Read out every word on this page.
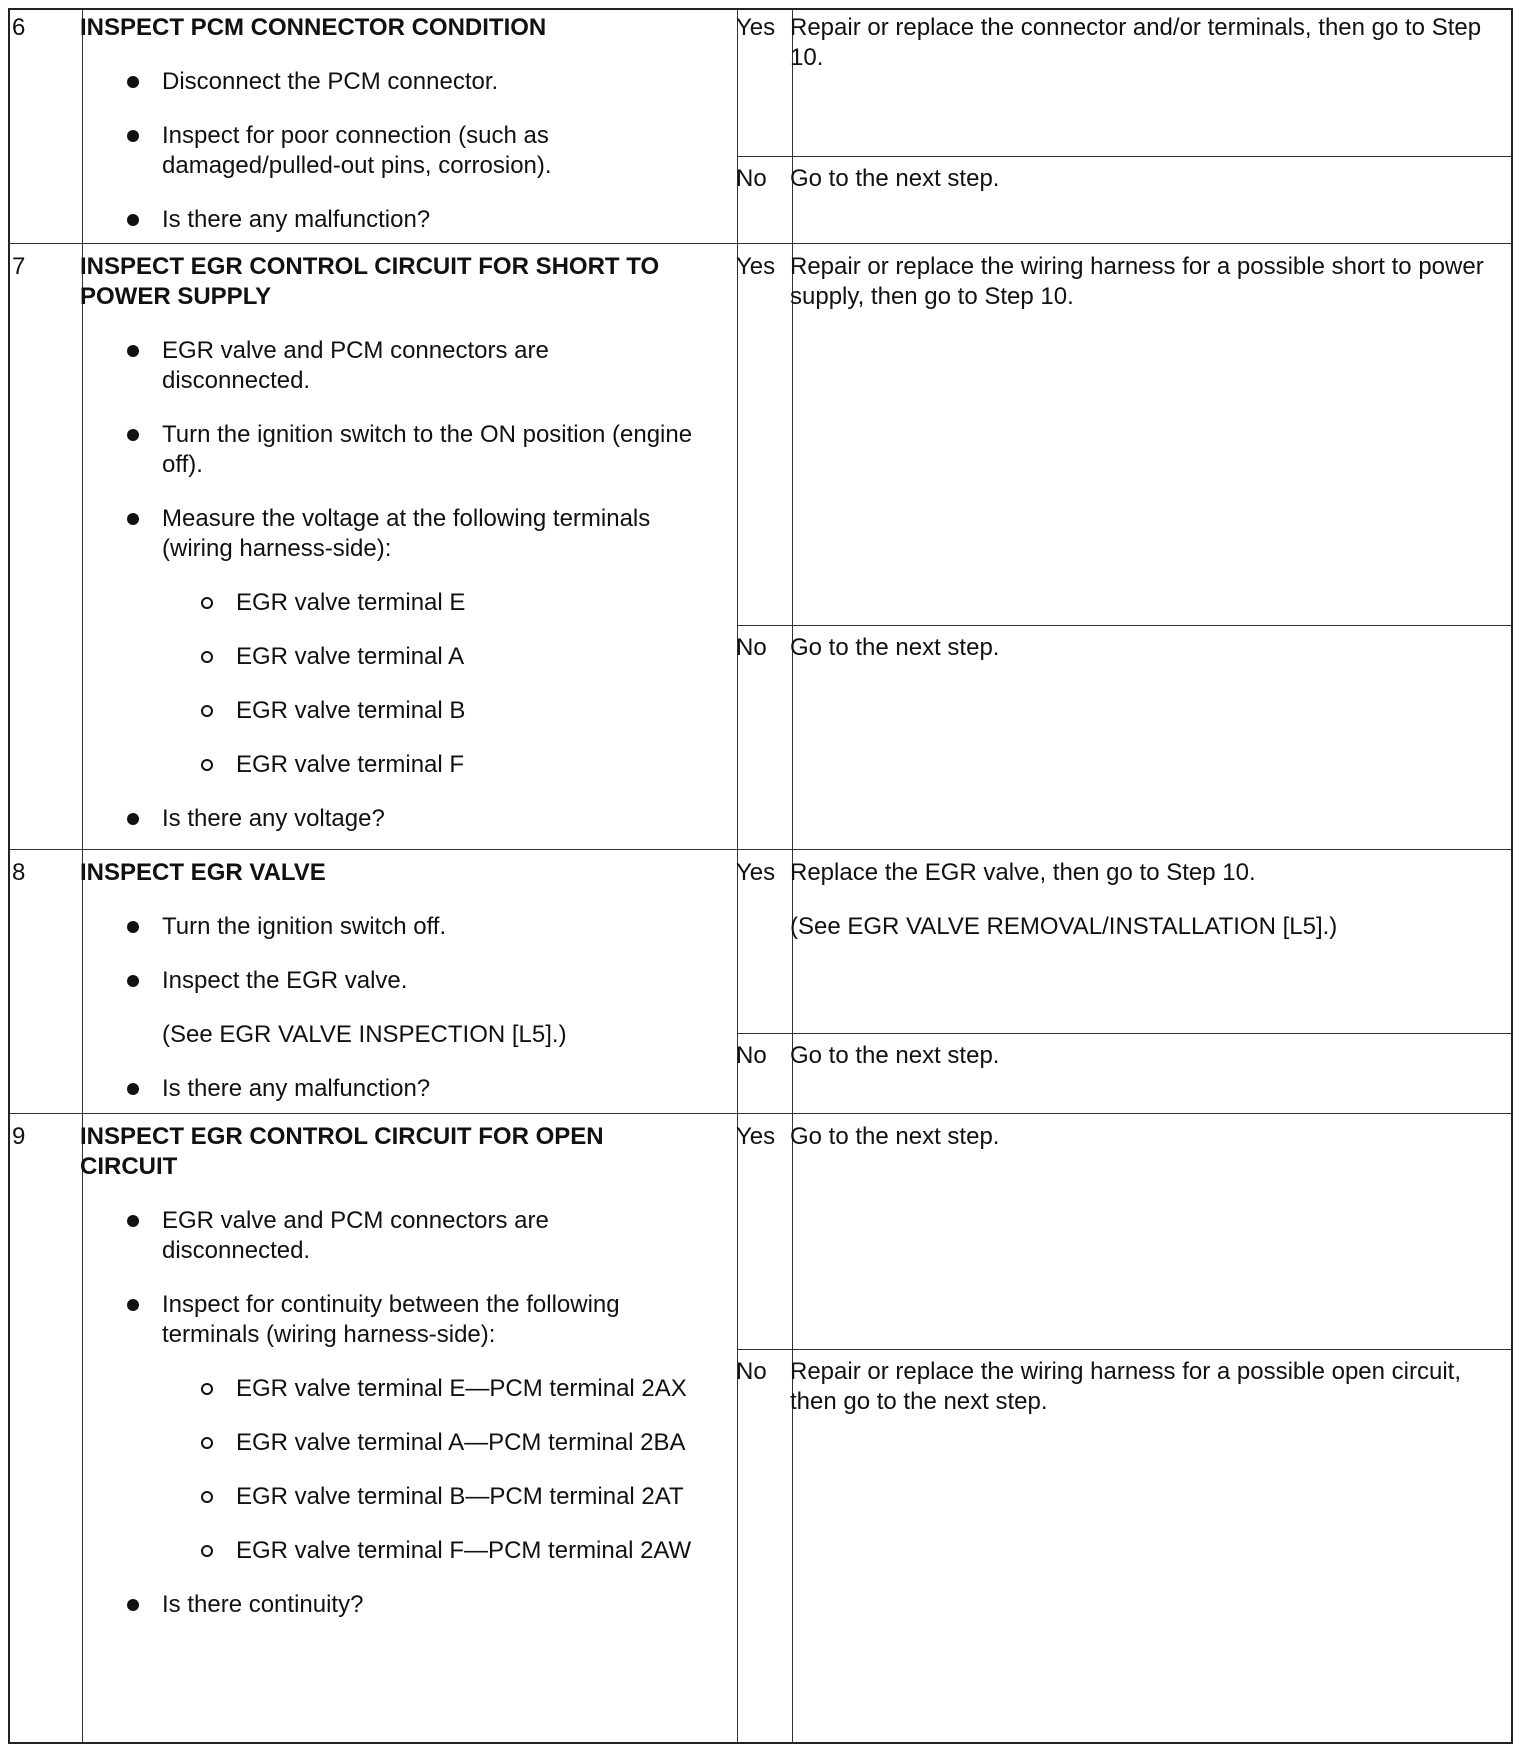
6 INSPECT PCM CONNECTOR CONDITION
Disconnect the PCM connector.
Inspect for poor connection (such as damaged/pulled-out pins, corrosion).
Is there any malfunction?
Yes Repair or replace the connector and/or terminals, then go to Step 10.

No Go to the next step.

7 INSPECT EGR CONTROL CIRCUIT FOR SHORT TO POWER SUPPLY
EGR valve and PCM connectors are disconnected.
Turn the ignition switch to the ON position (engine off).
Measure the voltage at the following terminals (wiring harness-side):
EGR valve terminal E
EGR valve terminal A
EGR valve terminal B
EGR valve terminal F
Is there any voltage?
Yes Repair or replace the wiring harness for a possible short to power supply, then go to Step 10.

No Go to the next step.

8 INSPECT EGR VALVE
Turn the ignition switch off.
Inspect the EGR valve.
(See EGR VALVE INSPECTION [L5].)
Is there any malfunction?
Yes Replace the EGR valve, then go to Step 10.

(See EGR VALVE REMOVAL/INSTALLATION [L5].)

No Go to the next step.

9 INSPECT EGR CONTROL CIRCUIT FOR OPEN CIRCUIT
EGR valve and PCM connectors are disconnected.
Inspect for continuity between the following terminals (wiring harness-side):
EGR valve terminal E—PCM terminal 2AX
EGR valve terminal A—PCM terminal 2BA
EGR valve terminal B—PCM terminal 2AT
EGR valve terminal F—PCM terminal 2AW
Is there continuity?
Yes Go to the next step.

No Repair or replace the wiring harness for a possible open circuit, then go to the next step.
